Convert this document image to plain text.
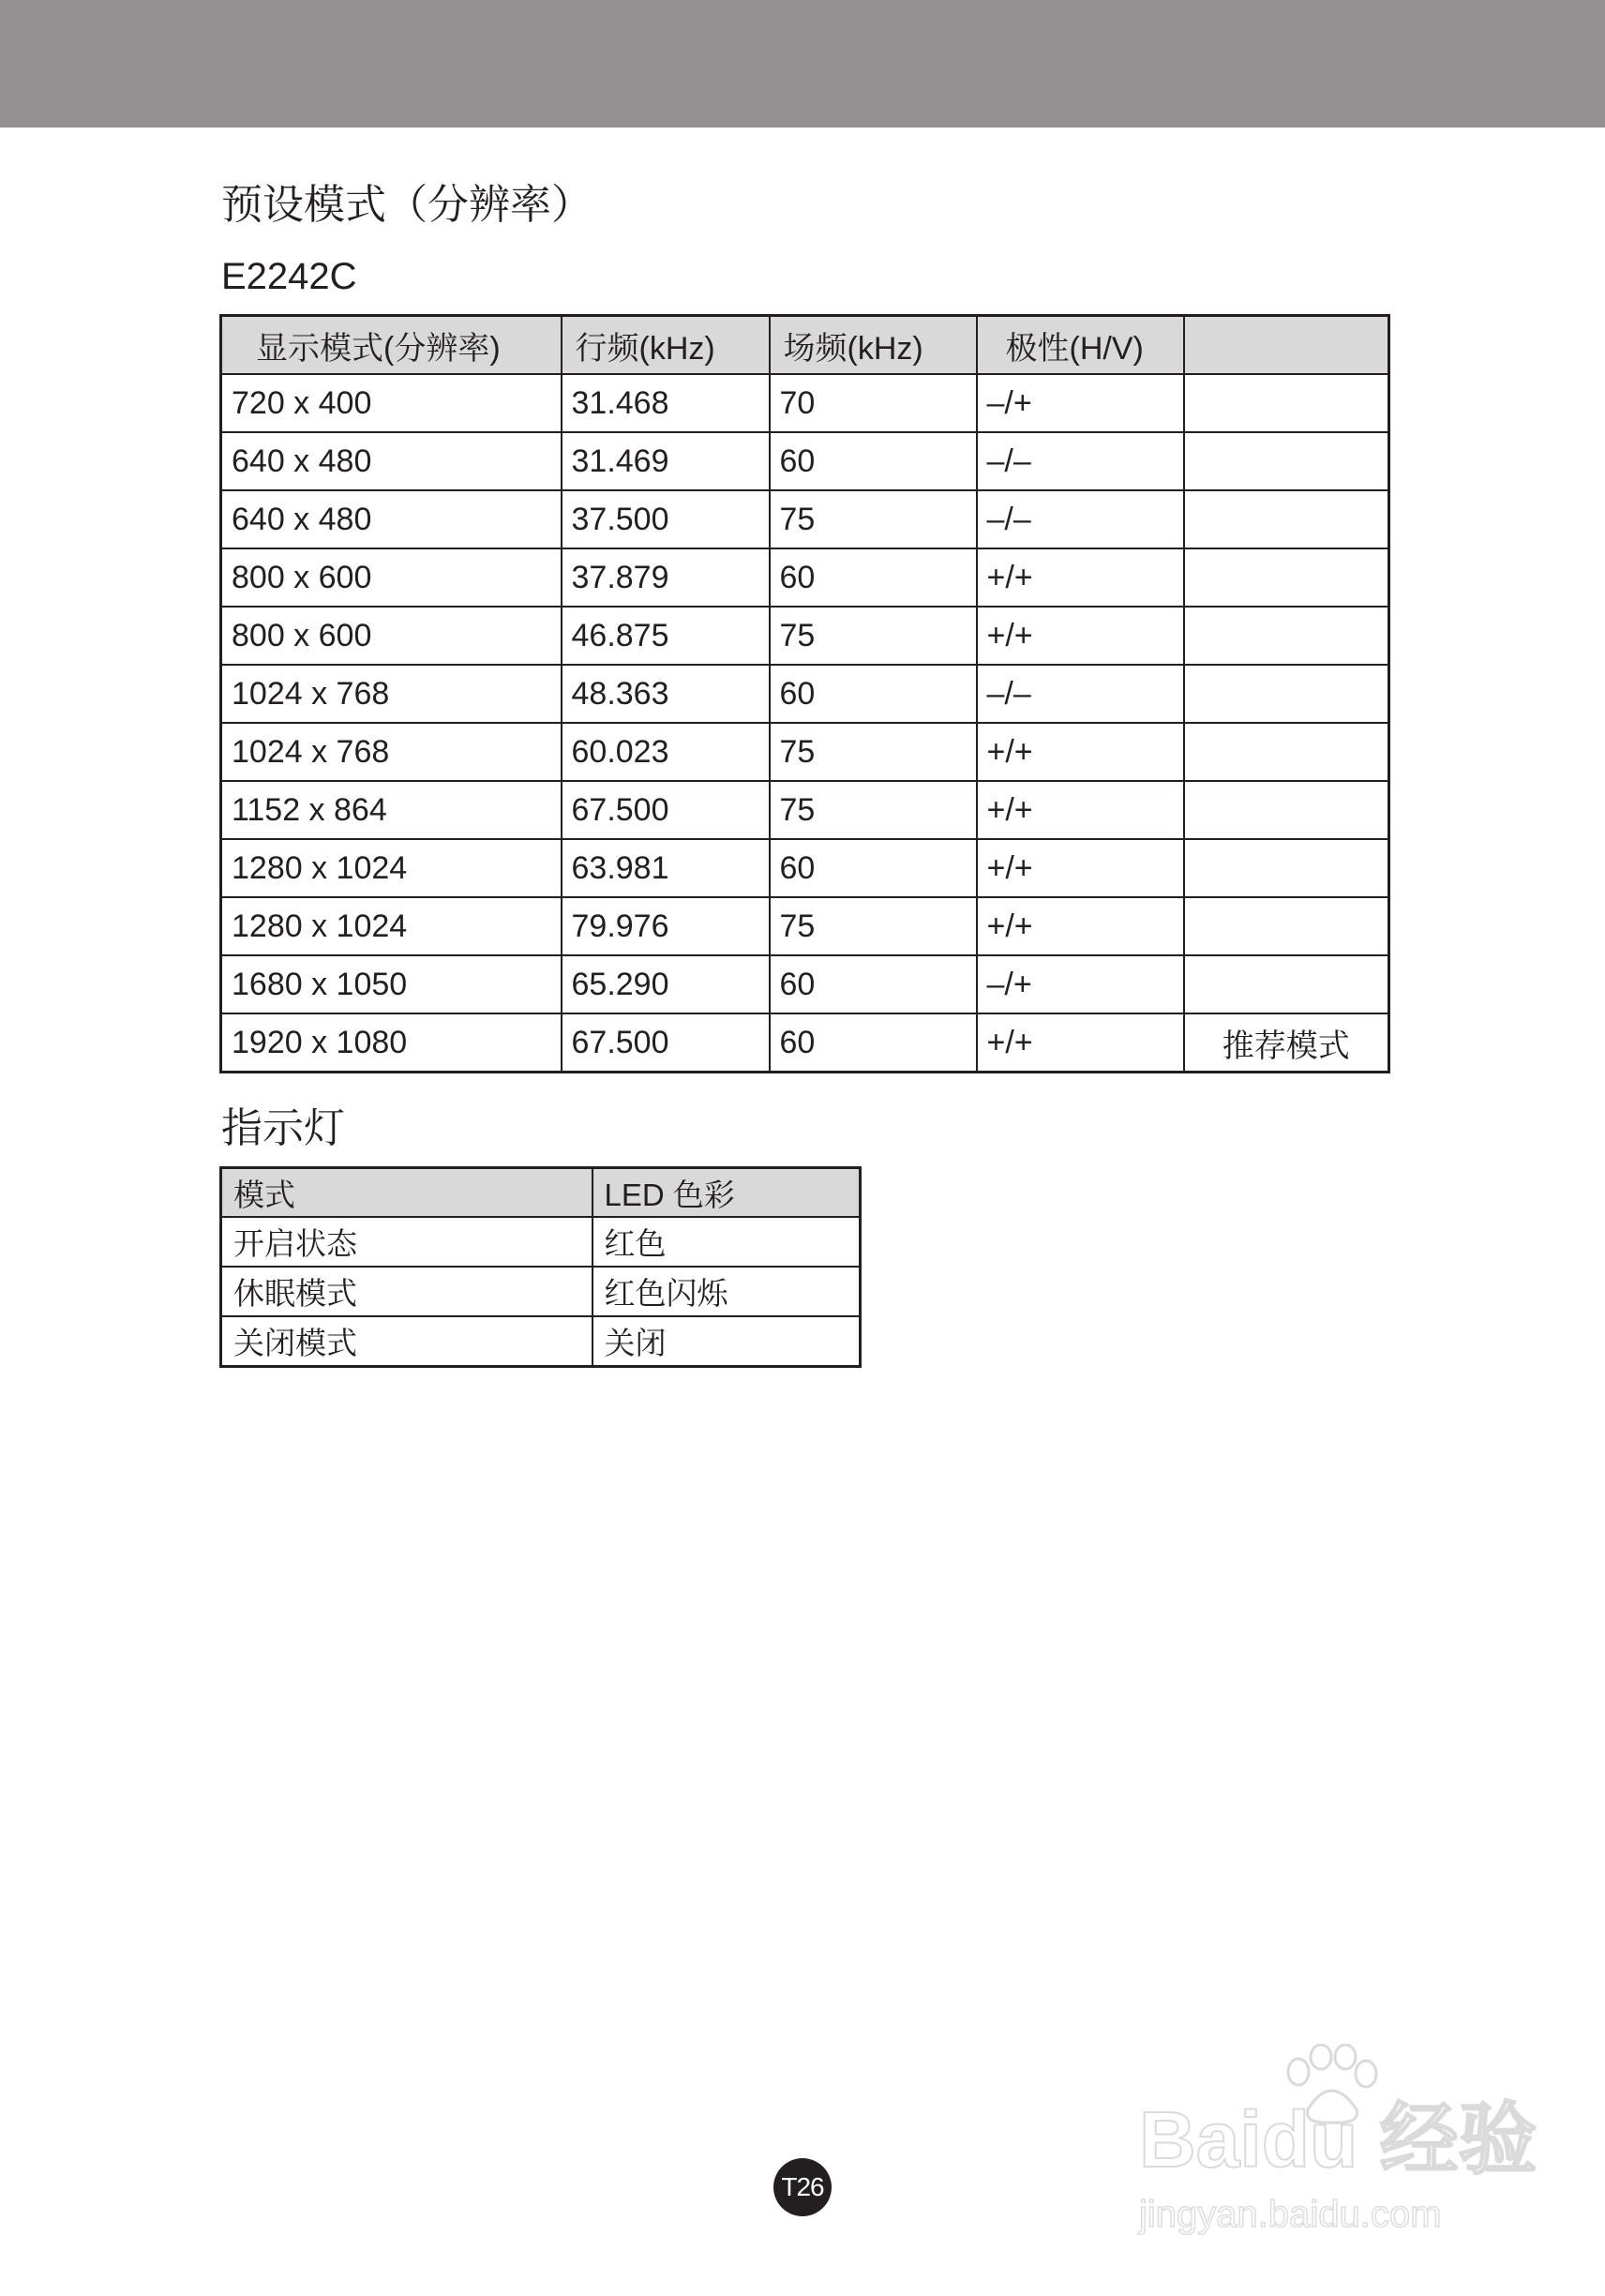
预设模式（分辨率）
E2242C
显示模式(分辨率)	行频(kHz)	场频(kHz)	极性(H/V)	
720 x 400	31.468	70	–/+	
640 x 480	31.469	60	–/–	
640 x 480	37.500	75	–/–	
800 x 600	37.879	60	+/+	
800 x 600	46.875	75	+/+	
1024 x 768	48.363	60	–/–	
1024 x 768	60.023	75	+/+	
1152 x 864	67.500	75	+/+	
1280 x 1024	63.981	60	+/+	
1280 x 1024	79.976	75	+/+	
1680 x 1050	65.290	60	–/+	
1920 x 1080	67.500	60	+/+	推荐模式
指示灯
模式	LED 色彩
开启状态	红色
休眠模式	红色闪烁
关闭模式	关闭
T26
Baidu 经验
jingyan.baidu.com
